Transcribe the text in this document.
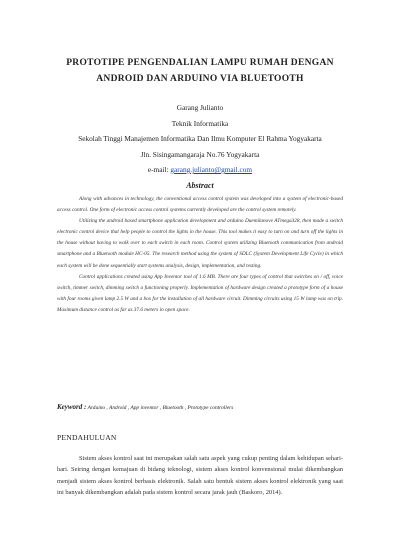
PROTOTIPE PENGENDALIAN LAMPU RUMAH DENGAN
ANDROID DAN ARDUINO VIA BLUETOOTH
Garang Julianto
Teknik Informatika
Sekolah Tinggi Manajemen Informatika Dan Ilmu Komputer El Rahma Yogyakarta
Jln. Sisingamangaraja No.76 Yogyakarta
e-mail: garang.julianto@gmail.com
Abstract

Along with advances in technology, the conventional access control system was developed into a system of electronic-based access control. One form of electronic access control systems currently developed are the control system remotely.

Utilizing the android based smartphone application development and arduino Duemilanove ATmega328, then made a switch electronic control device that help people to control the lights in the house. This tool makes it easy to turn on and turn off the lights in the house without having to walk over to each switch in each room. Control system utilizing Bluetooth communication from android smartphone and a Bluetooth module HC-05. The research method using the system of SDLC (System Development Life Cycle) in which each system will be done sequentially start systems analysis, design, implementation, and testing.

Control applications created using App Inventor tool of 1.6 MB. There are four types of control that switches on / off, voice switch, timmer switch, dimming switch a functioning properly. Implementation of hardware design created a prototype form of a house with four rooms given lamp 2.5 W and a box for the installation of all hardware circuit. Dimming circuits using 15 W lamp was on trip. Maximum distance control as far as 37.6 meters in open space.

Keyword : Arduino , Android , App inventor , Bluetooth , Prototype controllers
PENDAHULUAN

Sistem akses kontrol saat ini merupakan salah satu aspek yang cukup penting dalam kehidupan sehari-hari. Seiring dengan kemajuan di bidang teknologi, sistem akses kontrol konvensional mulai dikembangkan menjadi sistem akses kontrol berbasis elektronik. Salah satu bentuk sistem akses kontrol elektronik yang saat ini banyak dikembangkan adalah pada sistem kontrol secara jarak jauh (Baskoro, 2014).
